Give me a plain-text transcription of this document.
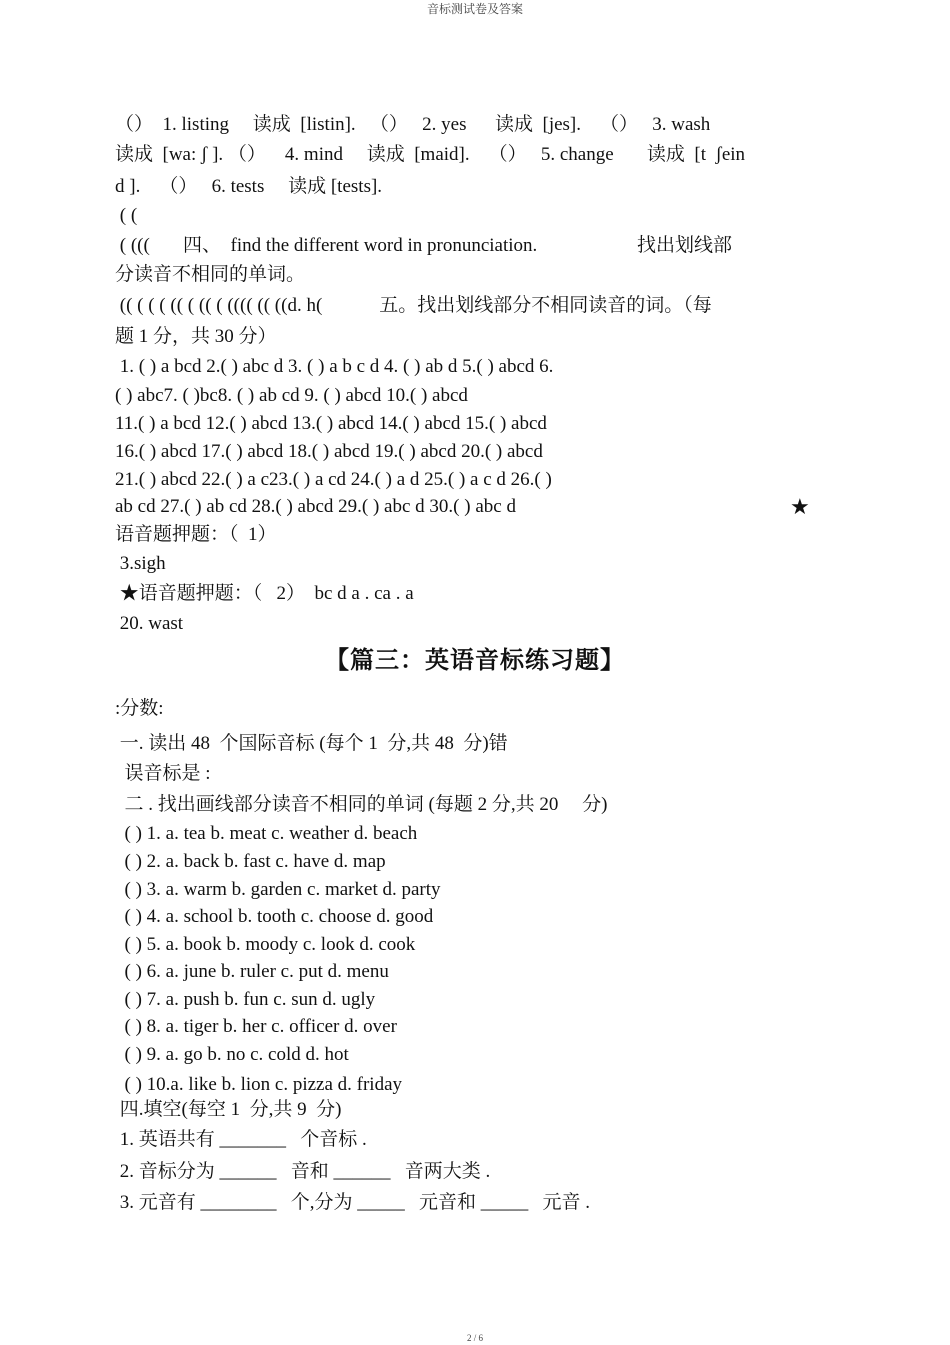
音标测试卷及答案
（）  1. listing     读成  [listin].   （）   2. yes      读成  [jes].    （）   3. wash
读成  [wa: ʃ ]. （）    4. mind     读成  [maid].    （）   5. change       读成  [t  ʃein
d ].    （）   6. tests     读成 [tests].
( (
( (((       四、  find the different word in pronunciation.                     找出划线部
分读音不相同的单词。
(( ( ( ( (( ( (( ( (((( (( ((d. h(            五。找出划线部分不相同读音的词。（每
题 1 分，共 30 分）
1. ( ) a bcd 2.( ) abc d 3. ( ) a b c d 4. ( ) ab d 5.( ) abcd 6.
( ) abc7. ( )bc8. ( ) ab cd 9. ( ) abcd 10.( ) abcd
11.( ) a bcd 12.( ) abcd 13.( ) abcd 14.( ) abcd 15.( ) abcd
16.( ) abcd 17.( ) abcd 18.( ) abcd 19.( ) abcd 20.( ) abcd
21.( ) abcd 22.( ) a c23.( ) a cd 24.( ) a d 25.( ) a c d 26.( )
ab cd 27.( ) ab cd 28.( ) abcd 29.( ) abc d 30.( ) abc d	★
语音题押题：（  1）
3.sigh
★语音题押题：（   2）  bc d a . ca . a
20. wast
【篇三：英语音标练习题】
:分数:
一. 读出 48  个国际音标 (每个 1  分,共 48  分)错
误音标是 :
二 . 找出画线部分读音不相同的单词 (每题 2 分,共 20     分)
( ) 1. a. tea b. meat c. weather d. beach
( ) 2. a. back b. fast c. have d. map
( ) 3. a. warm b. garden c. market d. party
( ) 4. a. school b. tooth c. choose d. good
( ) 5. a. book b. moody c. look d. cook
( ) 6. a. june b. ruler c. put d. menu
( ) 7. a. push b. fun c. sun d. ugly
( ) 8. a. tiger b. her c. officer d. over
( ) 9. a. go b. no c. cold d. hot
( ) 10.a. like b. lion c. pizza d. friday
四.填空(每空 1  分,共 9  分)
1. 英语共有 _______   个音标 .
2. 音标分为 ______   音和 ______   音两大类 .
3. 元音有 ________   个,分为 _____   元音和 _____   元音 .
2 / 6
